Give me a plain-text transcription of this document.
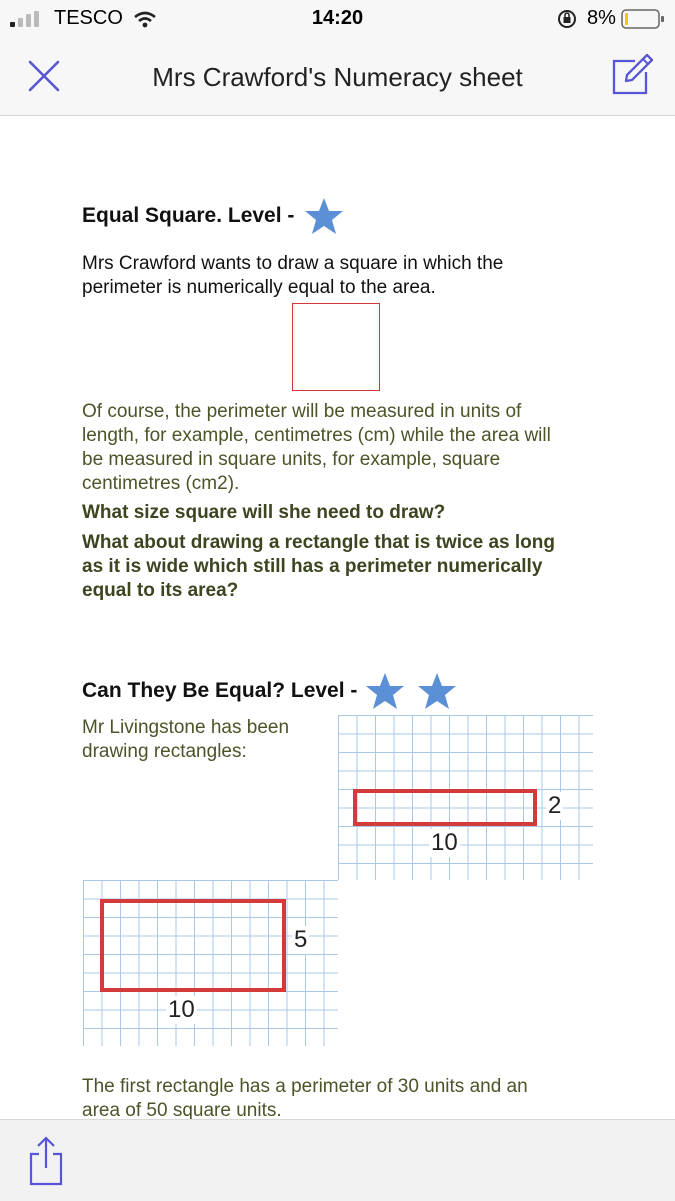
TESCO	14:20	8%
Mrs Crawford's Numeracy sheet
Equal Square. Level -

Mrs Crawford wants to draw a square in which the

perimeter is numerically equal to the area.

Of course, the perimeter will be measured in units of

length, for example, centimetres (cm) while the area will

be measured in square units, for example, square

centimetres (cm2).

What size square will she need to draw?

What about drawing a rectangle that is twice as long

as it is wide which still has a perimeter numerically

equal to its area?

Can They Be Equal? Level -

Mr Livingstone has been

drawing rectangles:

2
10
5
10

The first rectangle has a perimeter of 30 units and an

area of 50 square units.
